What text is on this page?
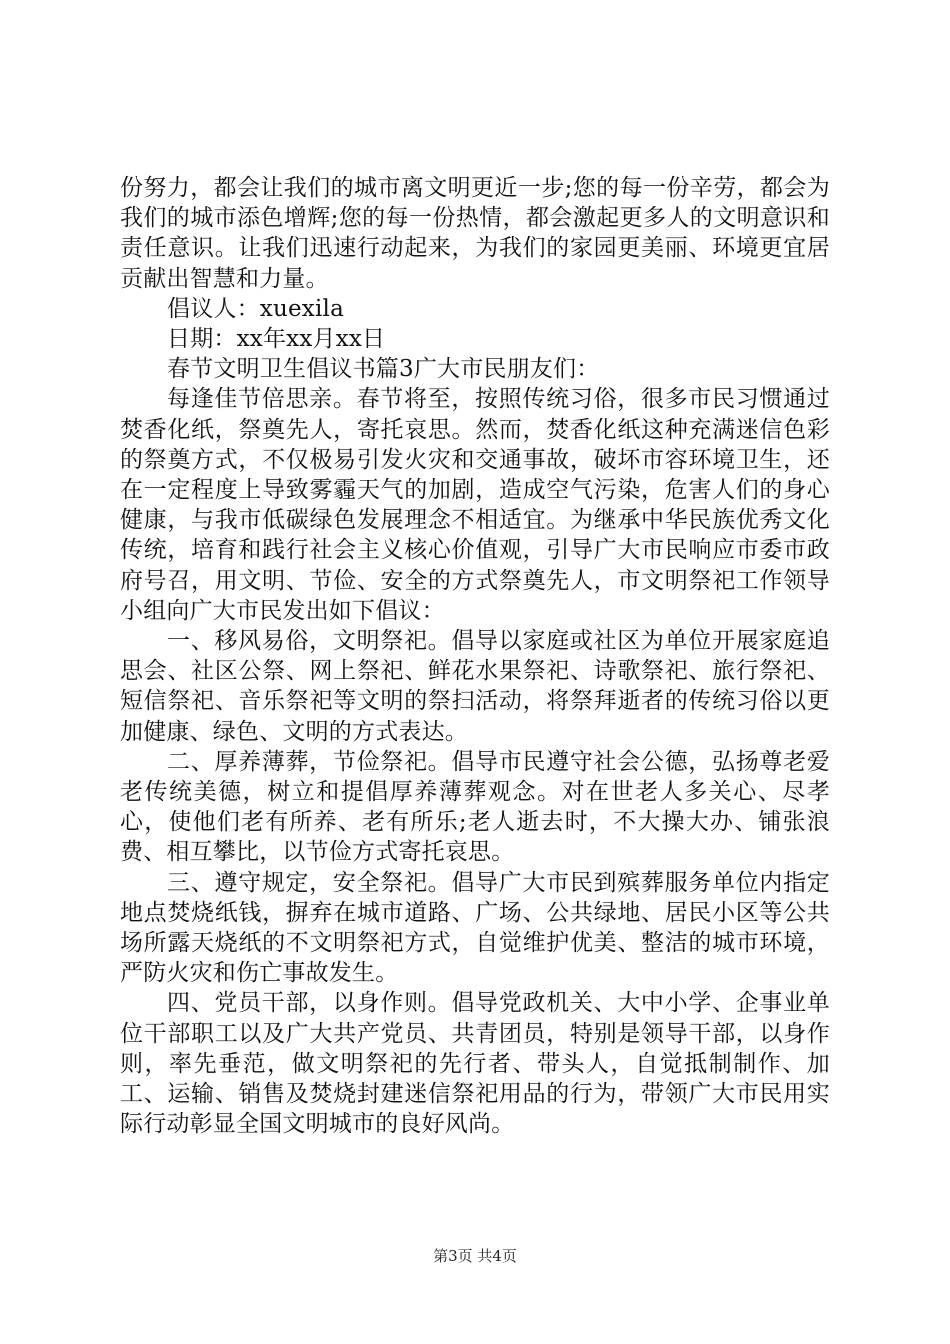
份努力，都会让我们的城市离文明更近一步;您的每一份辛劳，都会为我们的城市添色增辉;您的每一份热情，都会激起更多人的文明意识和责任意识。让我们迅速行动起来，为我们的家园更美丽、环境更宜居贡献出智慧和力量。

倡议人：xuexila

日期：xx年xx月xx日

春节文明卫生倡议书篇3广大市民朋友们：

每逢佳节倍思亲。春节将至，按照传统习俗，很多市民习惯通过焚香化纸，祭奠先人，寄托哀思。然而，焚香化纸这种充满迷信色彩的祭奠方式，不仅极易引发火灾和交通事故，破坏市容环境卫生，还在一定程度上导致雾霾天气的加剧，造成空气污染，危害人们的身心健康，与我市低碳绿色发展理念不相适宜。为继承中华民族优秀文化传统，培育和践行社会主义核心价值观，引导广大市民响应市委市政府号召，用文明、节俭、安全的方式祭奠先人，市文明祭祀工作领导小组向广大市民发出如下倡议：

一、移风易俗，文明祭祀。倡导以家庭或社区为单位开展家庭追思会、社区公祭、网上祭祀、鲜花水果祭祀、诗歌祭祀、旅行祭祀、短信祭祀、音乐祭祀等文明的祭扫活动，将祭拜逝者的传统习俗以更加健康、绿色、文明的方式表达。

二、厚养薄葬，节俭祭祀。倡导市民遵守社会公德，弘扬尊老爱老传统美德，树立和提倡厚养薄葬观念。对在世老人多关心、尽孝心，使他们老有所养、老有所乐;老人逝去时，不大操大办、铺张浪费、相互攀比，以节俭方式寄托哀思。

三、遵守规定，安全祭祀。倡导广大市民到殡葬服务单位内指定地点焚烧纸钱，摒弃在城市道路、广场、公共绿地、居民小区等公共场所露天烧纸的不文明祭祀方式，自觉维护优美、整洁的城市环境，严防火灾和伤亡事故发生。

四、党员干部，以身作则。倡导党政机关、大中小学、企事业单位干部职工以及广大共产党员、共青团员，特别是领导干部，以身作则，率先垂范，做文明祭祀的先行者、带头人，自觉抵制制作、加工、运输、销售及焚烧封建迷信祭祀用品的行为，带领广大市民用实际行动彰显全国文明城市的良好风尚。

第3页 共4页
